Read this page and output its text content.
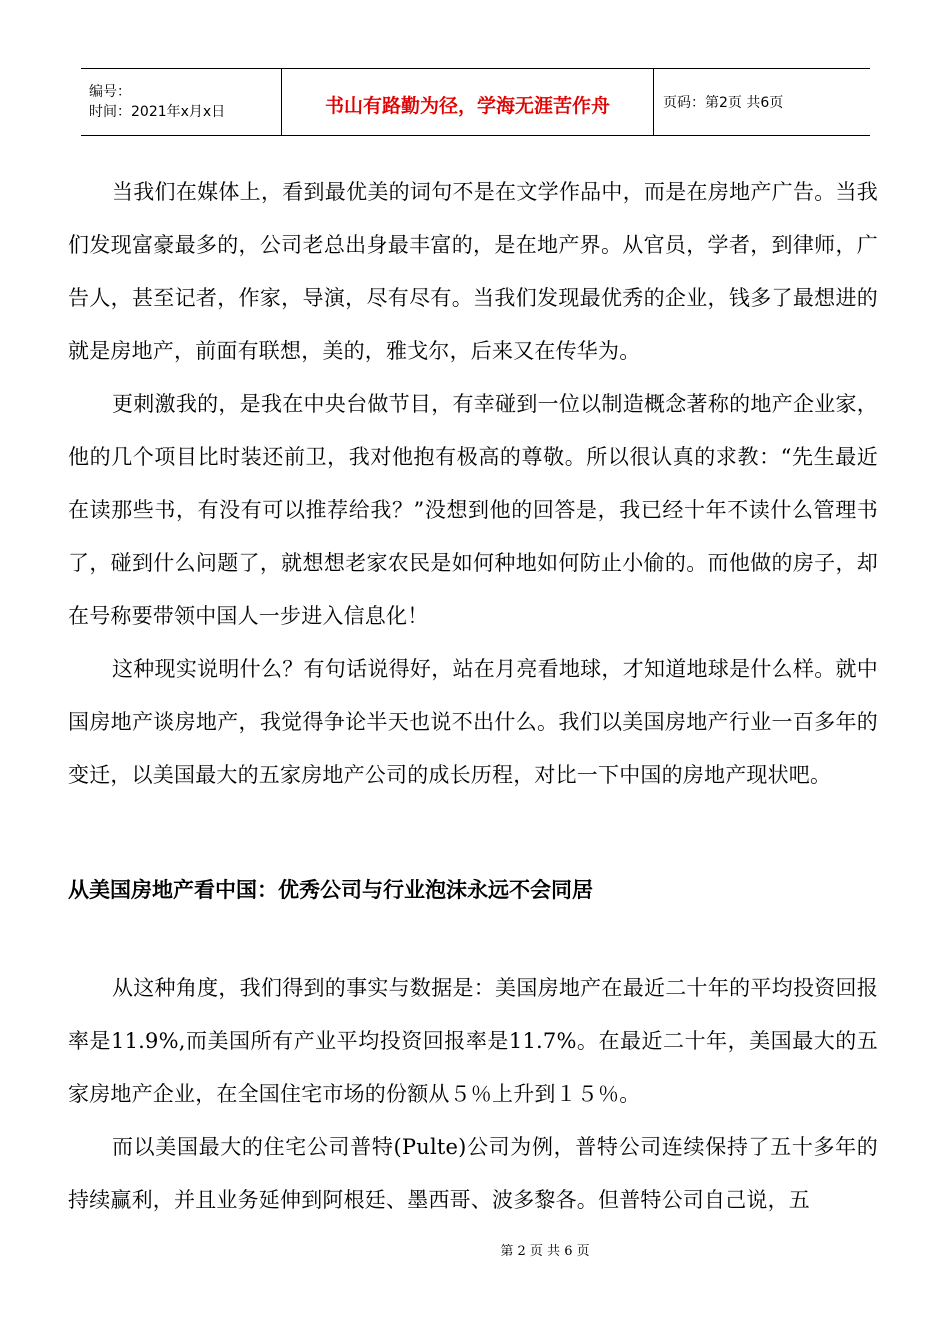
编号：
时间：2021年x月x日	书山有路勤为径，学海无涯苦作舟	页码：第2页 共6页

当我们在媒体上，看到最优美的词句不是在文学作品中，而是在房地产广告。当我们发现富豪最多的，公司老总出身最丰富的，是在地产界。从官员，学者，到律师，广告人，甚至记者，作家，导演，尽有尽有。当我们发现最优秀的企业，钱多了最想进的就是房地产，前面有联想，美的，雅戈尔，后来又在传华为。

更刺激我的，是我在中央台做节目，有幸碰到一位以制造概念著称的地产企业家，他的几个项目比时装还前卫，我对他抱有极高的尊敬。所以很认真的求教：“先生最近在读那些书，有没有可以推荐给我？”没想到他的回答是，我已经十年不读什么管理书了，碰到什么问题了，就想想老家农民是如何种地如何防止小偷的。而他做的房子，却在号称要带领中国人一步进入信息化！

这种现实说明什么？有句话说得好，站在月亮看地球，才知道地球是什么样。就中国房地产谈房地产，我觉得争论半天也说不出什么。我们以美国房地产行业一百多年的变迁，以美国最大的五家房地产公司的成长历程，对比一下中国的房地产现状吧。

从美国房地产看中国：优秀公司与行业泡沫永远不会同居

从这种角度，我们得到的事实与数据是：美国房地产在最近二十年的平均投资回报率是11.9%,而美国所有产业平均投资回报率是11.7%。在最近二十年，美国最大的五家房地产企业，在全国住宅市场的份额从５％上升到１５％。

而以美国最大的住宅公司普特(Pulte)公司为例，普特公司连续保持了五十多年的持续赢利，并且业务延伸到阿根廷、墨西哥、波多黎各。但普特公司自己说，五

第 2 页 共 6 页
